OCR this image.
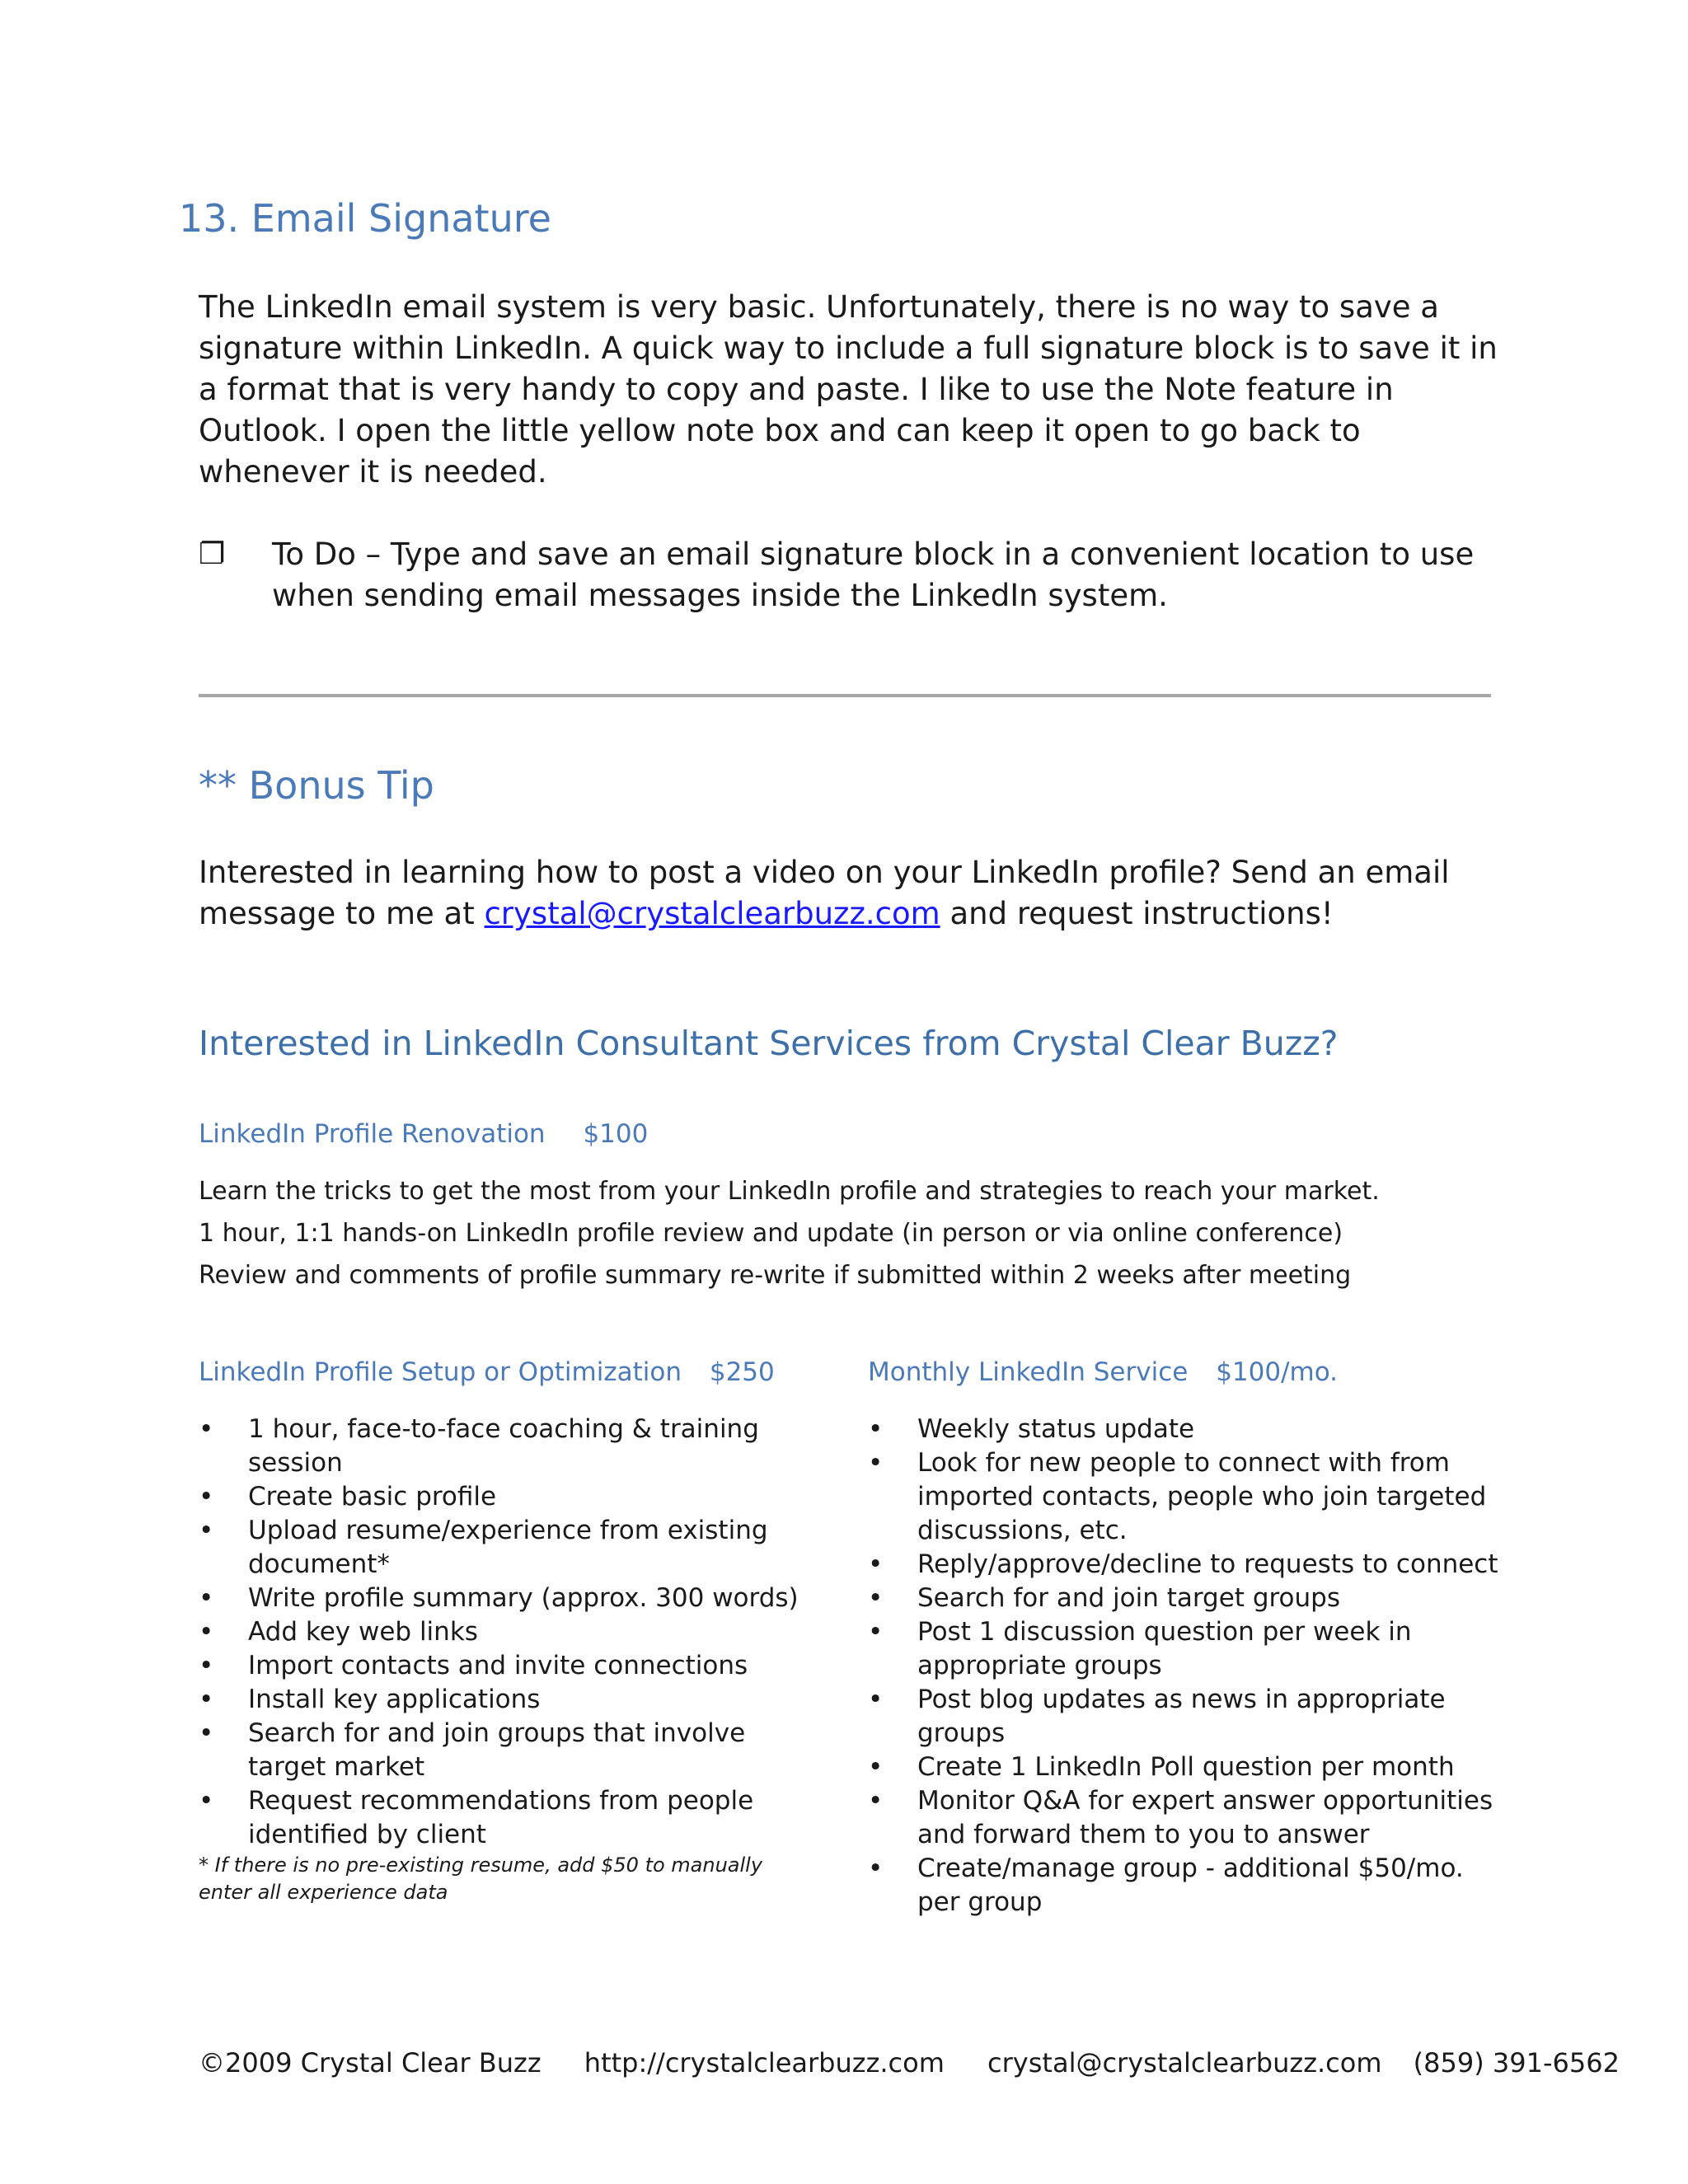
13. Email Signature
The LinkedIn email system is very basic. Unfortunately, there is no way to save a signature within LinkedIn. A quick way to include a full signature block is to save it in a format that is very handy to copy and paste. I like to use the Note feature in Outlook. I open the little yellow note box and can keep it open to go back to whenever it is needed.
❐ To Do – Type and save an email signature block in a convenient location to use when sending email messages inside the LinkedIn system.
** Bonus Tip
Interested in learning how to post a video on your LinkedIn profile? Send an email message to me at crystal@crystalclearbuzz.com and request instructions!
Interested in LinkedIn Consultant Services from Crystal Clear Buzz?
LinkedIn Profile Renovation $100
Learn the tricks to get the most from your LinkedIn profile and strategies to reach your market.
1 hour, 1:1 hands-on LinkedIn profile review and update (in person or via online conference)
Review and comments of profile summary re-write if submitted within 2 weeks after meeting
LinkedIn Profile Setup or Optimization $250
• 1 hour, face-to-face coaching & training session
• Create basic profile
• Upload resume/experience from existing document*
• Write profile summary (approx. 300 words)
• Add key web links
• Import contacts and invite connections
• Install key applications
• Search for and join groups that involve target market
• Request recommendations from people identified by client
* If there is no pre-existing resume, add $50 to manually enter all experience data
Monthly LinkedIn Service $100/mo.
• Weekly status update
• Look for new people to connect with from imported contacts, people who join targeted discussions, etc.
• Reply/approve/decline to requests to connect
• Search for and join target groups
• Post 1 discussion question per week in appropriate groups
• Post blog updates as news in appropriate groups
• Create 1 LinkedIn Poll question per month
• Monitor Q&A for expert answer opportunities and forward them to you to answer
• Create/manage group - additional $50/mo. per group
©2009 Crystal Clear Buzz http://crystalclearbuzz.com crystal@crystalclearbuzz.com (859) 391-6562
